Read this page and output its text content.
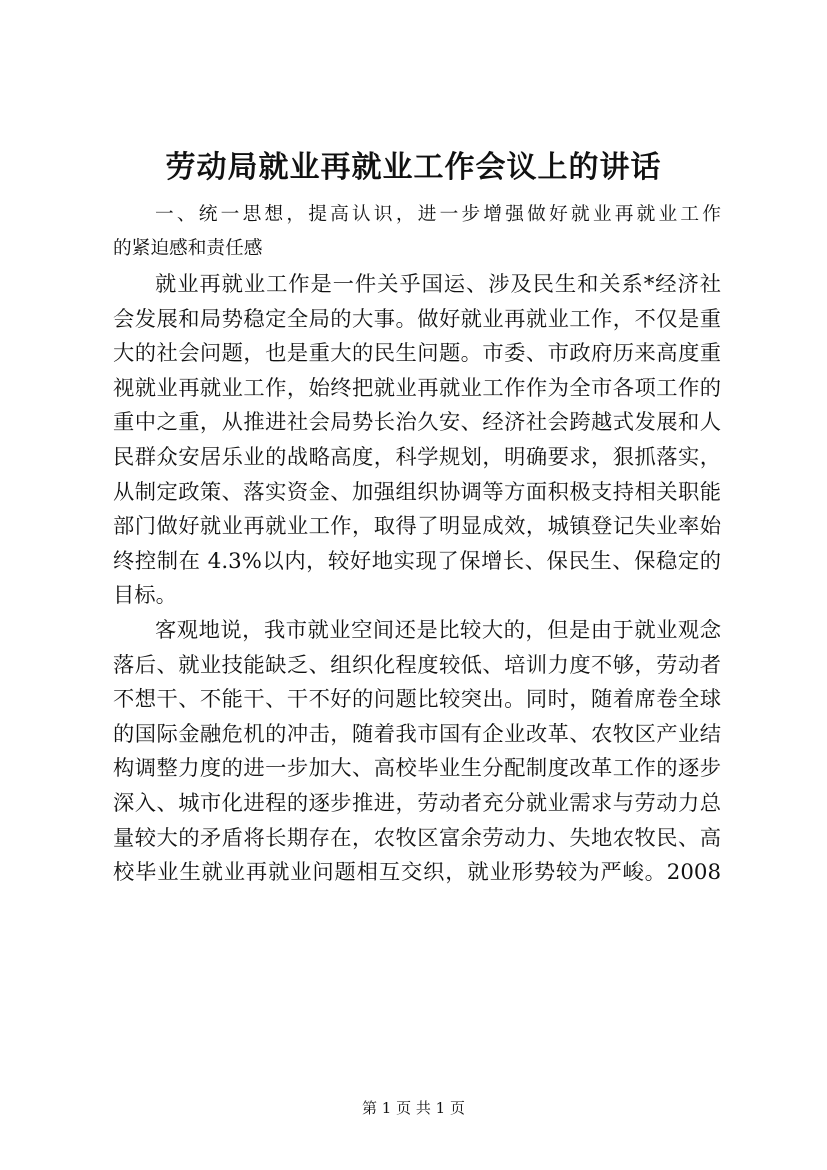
劳动局就业再就业工作会议上的讲话
一、统一思想，提高认识，进一步增强做好就业再就业工作
的紧迫感和责任感
就业再就业工作是一件关乎国运、涉及民生和关系*经济社
会发展和局势稳定全局的大事。做好就业再就业工作，不仅是重
大的社会问题，也是重大的民生问题。市委、市政府历来高度重
视就业再就业工作，始终把就业再就业工作作为全市各项工作的
重中之重，从推进社会局势长治久安、经济社会跨越式发展和人
民群众安居乐业的战略高度，科学规划，明确要求，狠抓落实，
从制定政策、落实资金、加强组织协调等方面积极支持相关职能
部门做好就业再就业工作，取得了明显成效，城镇登记失业率始
终控制在 4.3%以内，较好地实现了保增长、保民生、保稳定的
目标。
客观地说，我市就业空间还是比较大的，但是由于就业观念
落后、就业技能缺乏、组织化程度较低、培训力度不够，劳动者
不想干、不能干、干不好的问题比较突出。同时，随着席卷全球
的国际金融危机的冲击，随着我市国有企业改革、农牧区产业结
构调整力度的进一步加大、高校毕业生分配制度改革工作的逐步
深入、城市化进程的逐步推进，劳动者充分就业需求与劳动力总
量较大的矛盾将长期存在，农牧区富余劳动力、失地农牧民、高
校毕业生就业再就业问题相互交织，就业形势较为严峻。2008
第 1 页 共 1 页
